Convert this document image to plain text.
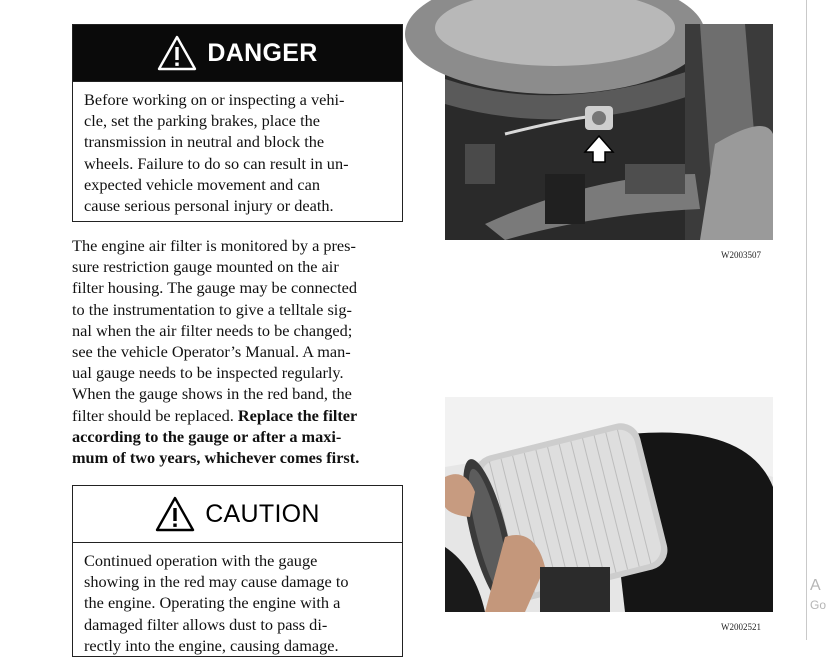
DANGER
Before working on or inspecting a vehi-
cle, set the parking brakes, place the
transmission in neutral and block the
wheels. Failure to do so can result in un-
expected vehicle movement and can
cause serious personal injury or death.
The engine air filter is monitored by a pres-
sure restriction gauge mounted on the air
filter housing. The gauge may be connected
to the instrumentation to give a telltale sig-
nal when the air filter needs to be changed;
see the vehicle Operator’s Manual. A man-
ual gauge needs to be inspected regularly.
When the gauge shows in the red band, the
filter should be replaced. Replace the filter
according to the gauge or after a maxi-
mum of two years, whichever comes first.
CAUTION
Continued operation with the gauge
showing in the red may cause damage to
the engine. Operating the engine with a
damaged filter allows dust to pass di-
rectly into the engine, causing damage.
W2003507
W2002521
A
Go
